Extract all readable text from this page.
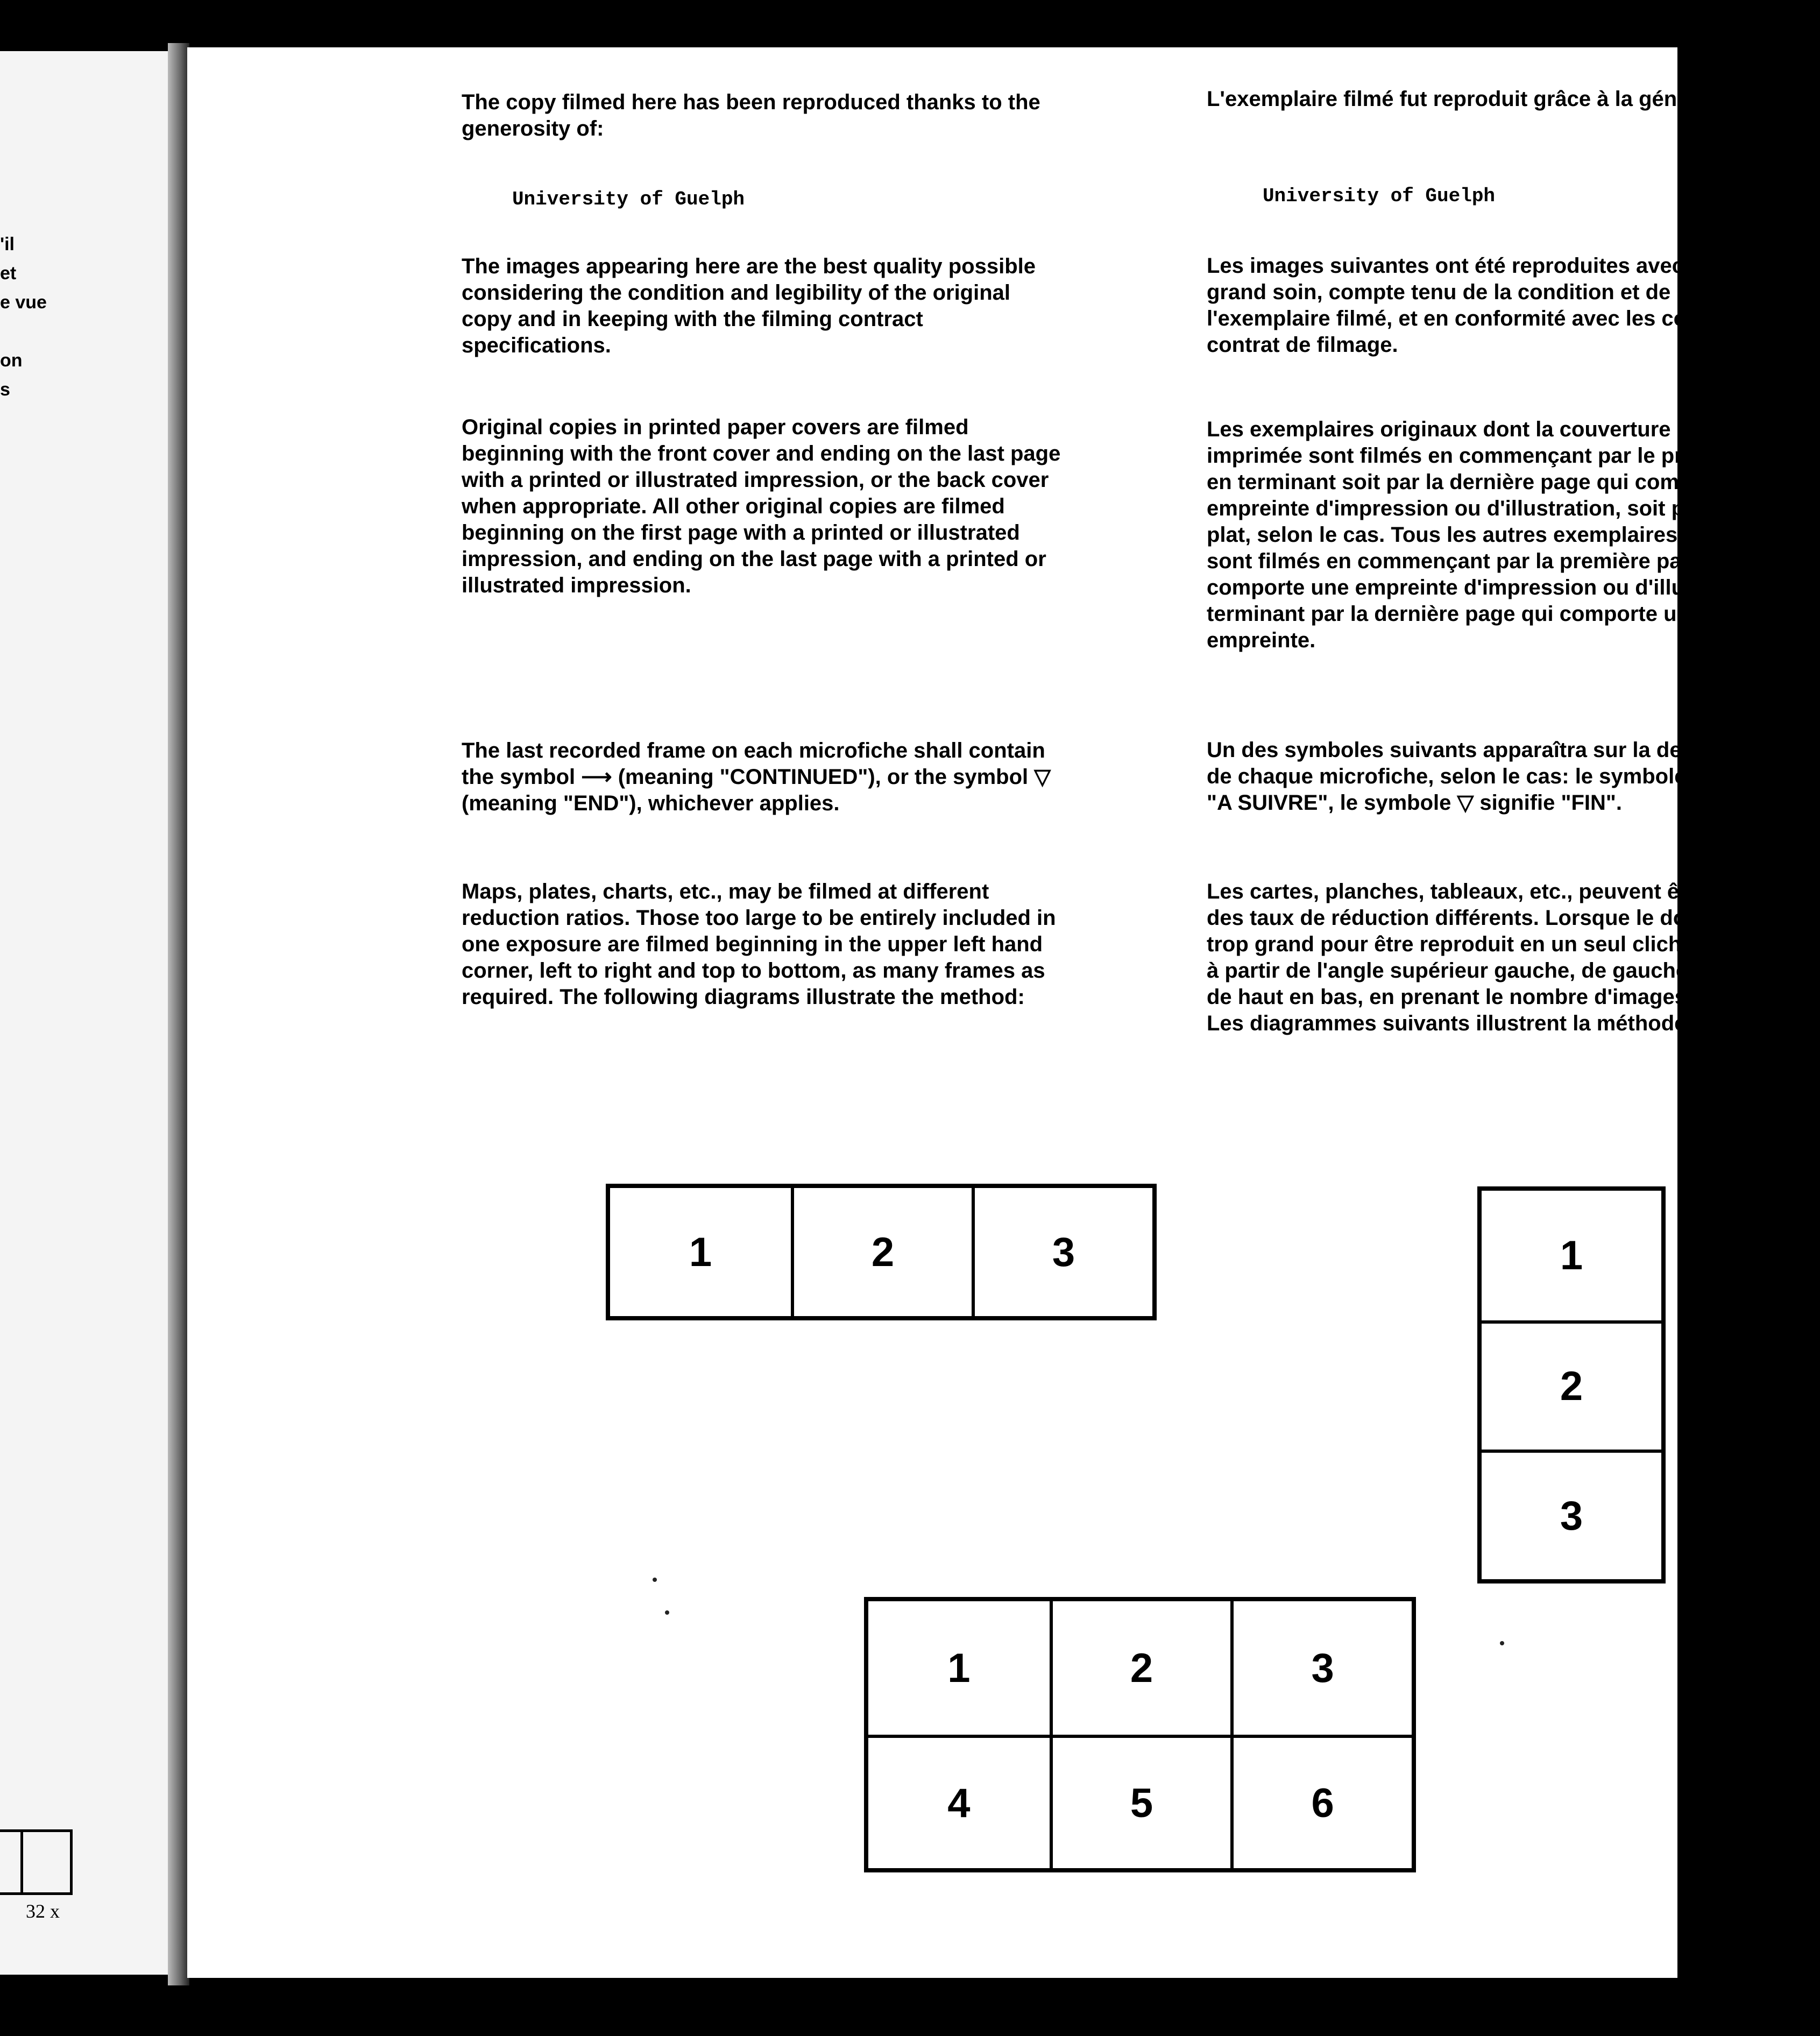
'il
et
e vue
on
s
32 x
The copy filmed here has been reproduced thanks to the generosity of:
University of Guelph
The images appearing here are the best quality possible considering the condition and legibility of the original copy and in keeping with the filming contract specifications.
Original copies in printed paper covers are filmed beginning with the front cover and ending on the last page with a printed or illustrated impression, or the back cover when appropriate. All other original copies are filmed beginning on the first page with a printed or illustrated impression, and ending on the last page with a printed or illustrated impression.
The last recorded frame on each microfiche shall contain the symbol ⟶ (meaning "CONTINUED"), or the symbol ▽ (meaning "END"), whichever applies.
Maps, plates, charts, etc., may be filmed at different reduction ratios. Those too large to be entirely included in one exposure are filmed beginning in the upper left hand corner, left to right and top to bottom, as many frames as required. The following diagrams illustrate the method:
L'exemplaire filmé fut reproduit grâce à la générosité de:
University of Guelph
Les images suivantes ont été reproduites avec le plus grand soin, compte tenu de la condition et de la netteté de l'exemplaire filmé, et en conformité avec les conditions du contrat de filmage.
Les exemplaires originaux dont la couverture en papier est imprimée sont filmés en commençant par le premier plat et en terminant soit par la dernière page qui comporte une empreinte d'impression ou d'illustration, soit par le second plat, selon le cas. Tous les autres exemplaires originaux sont filmés en commençant par la première page qui comporte une empreinte d'impression ou d'illustration et en terminant par la dernière page qui comporte une telle empreinte.
Un des symboles suivants apparaîtra sur la dernière image de chaque microfiche, selon le cas: le symbole ⟶ signifie "A SUIVRE", le symbole ▽ signifie "FIN".
Les cartes, planches, tableaux, etc., peuvent être filmés à des taux de réduction différents. Lorsque le document est trop grand pour être reproduit en un seul cliché, il est filmé à partir de l'angle supérieur gauche, de gauche à droite, et de haut en bas, en prenant le nombre d'images nécessaire. Les diagrammes suivants illustrent la méthode.
1	2	3	1
2
3
1	2	3
4	5	6
